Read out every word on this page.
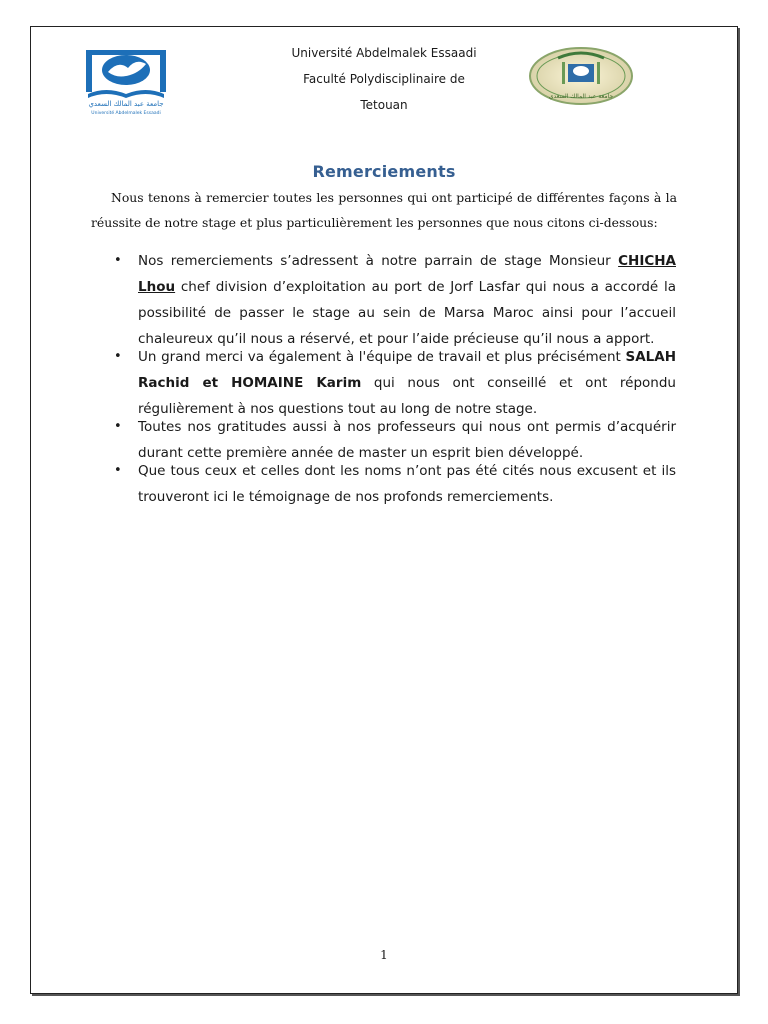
جامعة عبد المالك السعدي
Université Abdelmalek Essaadi
Université Abdelmalek Essaadi
Faculté Polydisciplinaire de
Tetouan
جامعة عبد المالك السعدي
Remerciements

Nous tenons à remercier toutes les personnes qui ont participé de différentes façons à la

réussite de notre stage et plus particulièrement les personnes que nous citons ci-dessous:

• Nos remerciements s’adressent à notre parrain de stage Monsieur CHICHA Lhou chef division d’exploitation au port de Jorf Lasfar qui nous a accordé la possibilité de passer le stage au sein de Marsa Maroc ainsi pour l’accueil chaleureux qu’il nous a réservé, et pour l’aide précieuse qu’il nous a apport.

• Un grand merci va également à l'équipe de travail et plus précisément SALAH Rachid et HOMAINE Karim qui nous ont conseillé et ont répondu régulièrement à nos questions tout au long de notre stage.

• Toutes nos gratitudes aussi à nos professeurs qui nous ont permis d’acquérir durant cette première année de master un esprit bien développé.

• Que tous ceux et celles dont les noms n’ont pas été cités nous excusent et ils trouveront ici le témoignage de nos profonds remerciements.

1
